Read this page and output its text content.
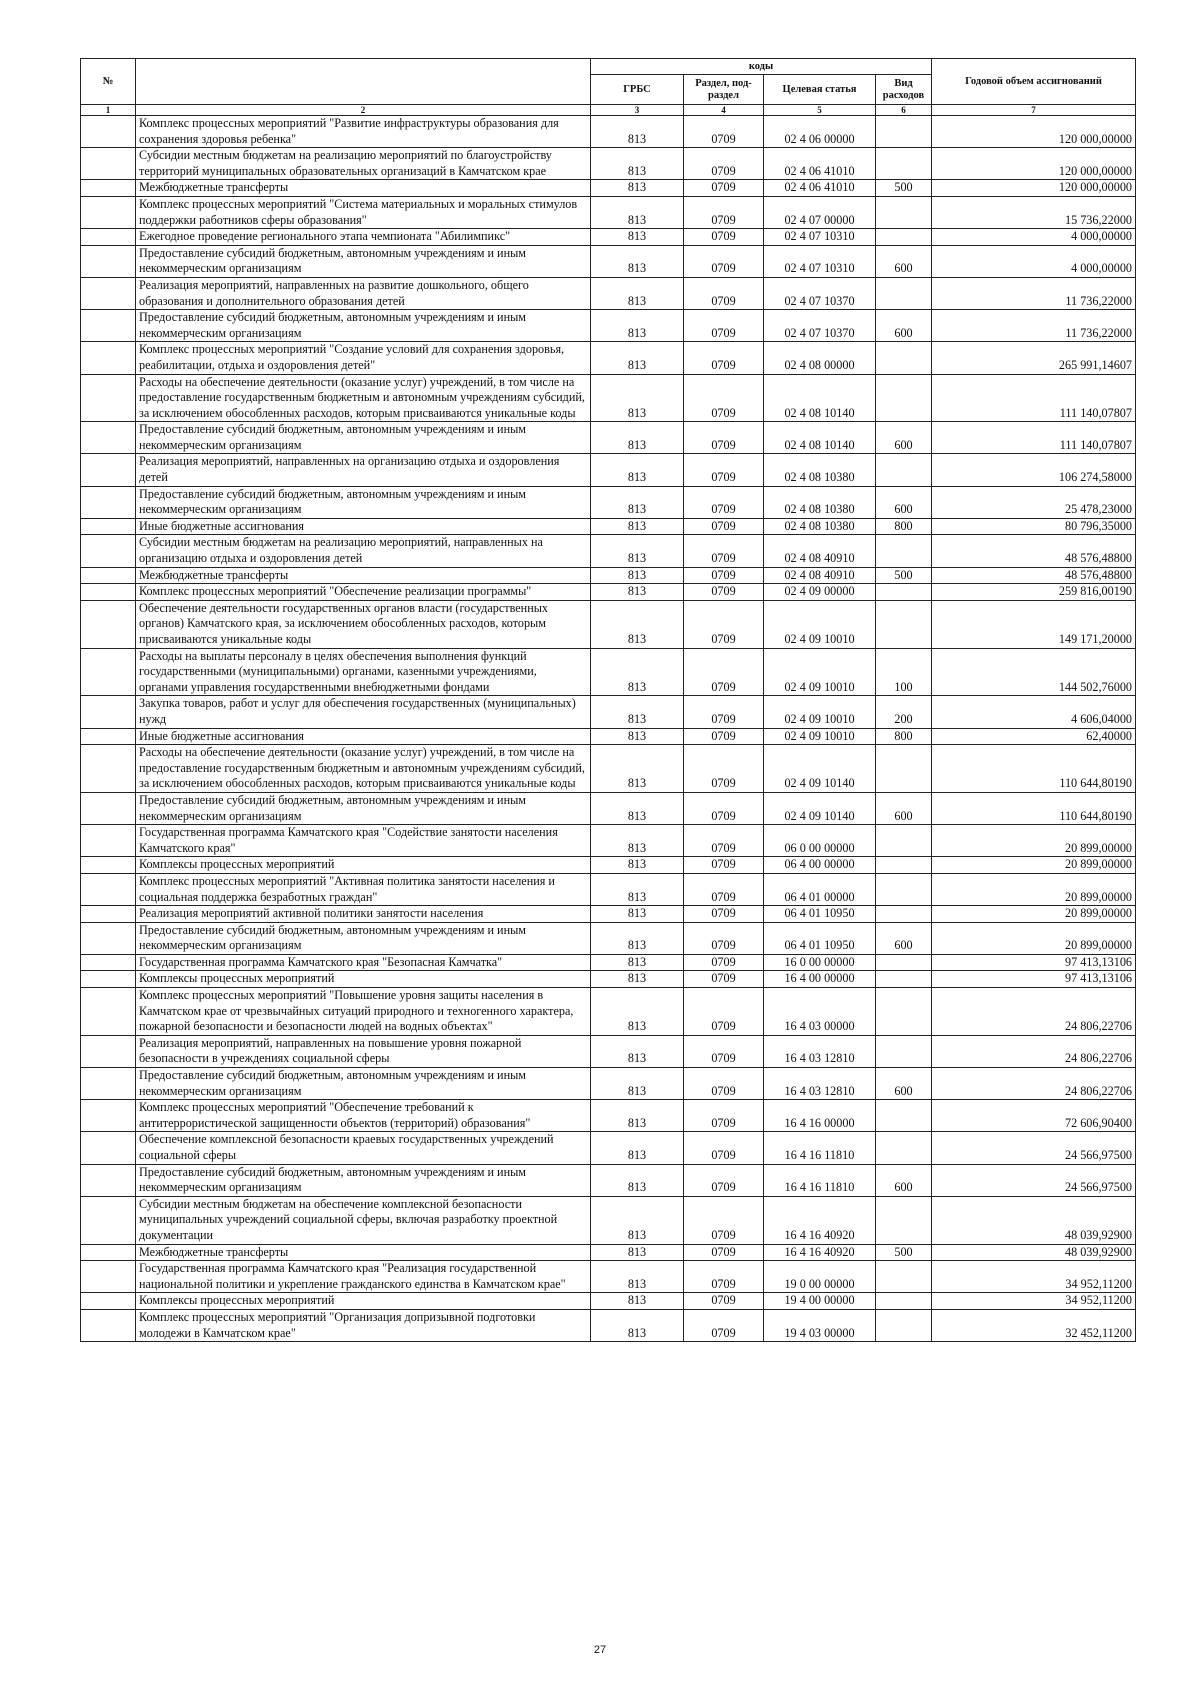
№		коды				Годовой объем ассигнований
		ГРБС	Раздел, под-раздел	Целевая статья	Вид расходов	
1	2	3	4	5	6	7
	Комплекс процессных мероприятий "Развитие инфраструктуры образования для сохранения здоровья ребенка"	813	0709	02 4 06 00000		120 000,00000
	Субсидии местным бюджетам на реализацию мероприятий по благоустройству территорий муниципальных образовательных организаций в Камчатском крае	813	0709	02 4 06 41010		120 000,00000
	Межбюджетные трансферты	813	0709	02 4 06 41010	500	120 000,00000
	Комплекс процессных мероприятий "Система материальных и моральных стимулов поддержки работников сферы образования"	813	0709	02 4 07 00000		15 736,22000
	Ежегодное проведение регионального этапа чемпионата "Абилимпикс"	813	0709	02 4 07 10310		4 000,00000
	Предоставление субсидий бюджетным, автономным учреждениям и иным некоммерческим организациям	813	0709	02 4 07 10310	600	4 000,00000
	Реализация мероприятий, направленных на развитие дошкольного, общего образования и дополнительного образования детей	813	0709	02 4 07 10370		11 736,22000
	Предоставление субсидий бюджетным, автономным учреждениям и иным некоммерческим организациям	813	0709	02 4 07 10370	600	11 736,22000
	Комплекс процессных мероприятий "Создание условий для сохранения здоровья, реабилитации, отдыха и оздоровления детей"	813	0709	02 4 08 00000		265 991,14607
	Расходы на обеспечение деятельности (оказание услуг) учреждений, в том числе на предоставление государственным бюджетным и автономным учреждениям субсидий, за исключением обособленных расходов, которым присваиваются уникальные коды	813	0709	02 4 08 10140		111 140,07807
	Предоставление субсидий бюджетным, автономным учреждениям и иным некоммерческим организациям	813	0709	02 4 08 10140	600	111 140,07807
	Реализация мероприятий, направленных на организацию отдыха и оздоровления детей	813	0709	02 4 08 10380		106 274,58000
	Предоставление субсидий бюджетным, автономным учреждениям и иным некоммерческим организациям	813	0709	02 4 08 10380	600	25 478,23000
	Иные бюджетные ассигнования	813	0709	02 4 08 10380	800	80 796,35000
	Субсидии местным бюджетам на реализацию мероприятий, направленных на организацию отдыха и оздоровления детей	813	0709	02 4 08 40910		48 576,48800
	Межбюджетные трансферты	813	0709	02 4 08 40910	500	48 576,48800
	Комплекс процессных мероприятий "Обеспечение реализации программы"	813	0709	02 4 09 00000		259 816,00190
	Обеспечение деятельности государственных органов власти (государственных органов) Камчатского края, за исключением обособленных расходов, которым присваиваются уникальные коды	813	0709	02 4 09 10010		149 171,20000
	Расходы на выплаты персоналу в целях обеспечения выполнения функций государственными (муниципальными) органами, казенными учреждениями, органами управления государственными внебюджетными фондами	813	0709	02 4 09 10010	100	144 502,76000
	Закупка товаров, работ и услуг для обеспечения государственных (муниципальных) нужд	813	0709	02 4 09 10010	200	4 606,04000
	Иные бюджетные ассигнования	813	0709	02 4 09 10010	800	62,40000
	Расходы на обеспечение деятельности (оказание услуг) учреждений, в том числе на предоставление государственным бюджетным и автономным учреждениям субсидий, за исключением обособленных расходов, которым присваиваются уникальные коды	813	0709	02 4 09 10140		110 644,80190
	Предоставление субсидий бюджетным, автономным учреждениям и иным некоммерческим организациям	813	0709	02 4 09 10140	600	110 644,80190
	Государственная программа Камчатского края "Содействие занятости населения Камчатского края"	813	0709	06 0 00 00000		20 899,00000
	Комплексы процессных мероприятий	813	0709	06 4 00 00000		20 899,00000
	Комплекс процессных мероприятий "Активная политика занятости населения и социальная поддержка безработных граждан"	813	0709	06 4 01 00000		20 899,00000
	Реализация мероприятий активной политики занятости населения	813	0709	06 4 01 10950		20 899,00000
	Предоставление субсидий бюджетным, автономным учреждениям и иным некоммерческим организациям	813	0709	06 4 01 10950	600	20 899,00000
	Государственная программа Камчатского края "Безопасная Камчатка"	813	0709	16 0 00 00000		97 413,13106
	Комплексы процессных мероприятий	813	0709	16 4 00 00000		97 413,13106
	Комплекс процессных мероприятий "Повышение уровня защиты населения в Камчатском крае от чрезвычайных ситуаций природного и техногенного характера, пожарной безопасности и безопасности людей на водных объектах"	813	0709	16 4 03 00000		24 806,22706
	Реализация мероприятий, направленных на повышение уровня пожарной безопасности в учреждениях социальной сферы	813	0709	16 4 03 12810		24 806,22706
	Предоставление субсидий бюджетным, автономным учреждениям и иным некоммерческим организациям	813	0709	16 4 03 12810	600	24 806,22706
	Комплекс процессных мероприятий "Обеспечение требований к антитеррористической защищенности объектов (территорий) образования"	813	0709	16 4 16 00000		72 606,90400
	Обеспечение комплексной безопасности краевых государственных учреждений социальной сферы	813	0709	16 4 16 11810		24 566,97500
	Предоставление субсидий бюджетным, автономным учреждениям и иным некоммерческим организациям	813	0709	16 4 16 11810	600	24 566,97500
	Субсидии местным бюджетам на обеспечение комплексной безопасности муниципальных учреждений социальной сферы, включая разработку проектной документации	813	0709	16 4 16 40920		48 039,92900
	Межбюджетные трансферты	813	0709	16 4 16 40920	500	48 039,92900
	Государственная программа Камчатского края "Реализация государственной национальной политики и укрепление гражданского единства в Камчатском крае"	813	0709	19 0 00 00000		34 952,11200
	Комплексы процессных мероприятий	813	0709	19 4 00 00000		34 952,11200
	Комплекс процессных мероприятий "Организация допризывной подготовки молодежи в Камчатском крае"	813	0709	19 4 03 00000		32 452,11200
27
